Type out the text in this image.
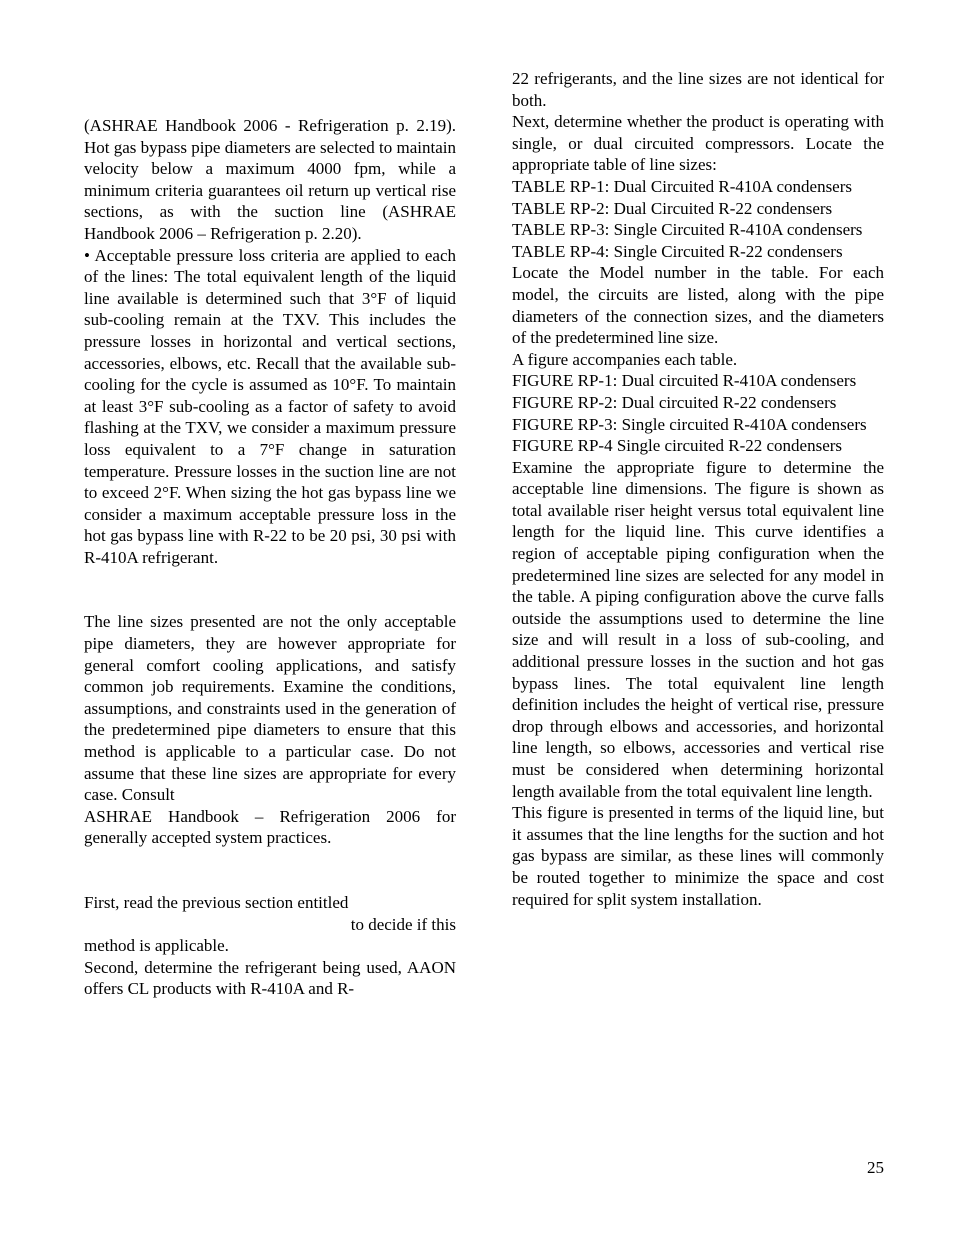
(ASHRAE Handbook 2006 - Refrigeration p. 2.19). Hot gas bypass pipe diameters are selected to maintain velocity below a maximum 4000 fpm, while a minimum criteria guarantees oil return up vertical rise sections, as with the suction line (ASHRAE Handbook 2006 – Refrigeration p. 2.20).

• Acceptable pressure loss criteria are applied to each of the lines: The total equivalent length of the liquid line available is determined such that 3°F of liquid sub-cooling remain at the TXV. This includes the pressure losses in horizontal and vertical sections, accessories, elbows, etc. Recall that the available sub-cooling for the cycle is assumed as 10°F. To maintain at least 3°F sub-cooling as a factor of safety to avoid flashing at the TXV, we consider a maximum pressure loss equivalent to a 7°F change in saturation temperature. Pressure losses in the suction line are not to exceed 2°F. When sizing the hot gas bypass line we consider a maximum acceptable pressure loss in the hot gas bypass line with R-22 to be 20 psi, 30 psi with R-410A refrigerant.

The line sizes presented are not the only acceptable pipe diameters, they are however appropriate for general comfort cooling applications, and satisfy common job requirements. Examine the conditions, assumptions, and constraints used in the generation of the predetermined pipe diameters to ensure that this method is applicable to a particular case. Do not assume that these line sizes are appropriate for every case. Consult

ASHRAE Handbook – Refrigeration 2006 for generally accepted system practices.

First, read the previous section entitled

to decide if this

method is applicable.

Second, determine the refrigerant being used, AAON offers CL products with R-410A and R-

22 refrigerants, and the line sizes are not identical for both.

Next, determine whether the product is operating with single, or dual circuited compressors. Locate the appropriate table of line sizes:

TABLE RP-1: Dual Circuited R-410A condensers

TABLE RP-2: Dual Circuited R-22 condensers

TABLE RP-3: Single Circuited R-410A condensers

TABLE RP-4: Single Circuited R-22 condensers

Locate the Model number in the table. For each model, the circuits are listed, along with the pipe diameters of the connection sizes, and the diameters of the predetermined line size.

A figure accompanies each table.

FIGURE RP-1: Dual circuited R-410A condensers

FIGURE RP-2: Dual circuited R-22 condensers

FIGURE RP-3: Single circuited R-410A condensers

FIGURE RP-4 Single circuited R-22 condensers

Examine the appropriate figure to determine the acceptable line dimensions. The figure is shown as total available riser height versus total equivalent line length for the liquid line. This curve identifies a region of acceptable piping configuration when the predetermined line sizes are selected for any model in the table. A piping configuration above the curve falls outside the assumptions used to determine the line size and will result in a loss of sub-cooling, and additional pressure losses in the suction and hot gas bypass lines. The total equivalent line length definition includes the height of vertical rise, pressure drop through elbows and accessories, and horizontal line length, so elbows, accessories and vertical rise must be considered when determining horizontal length available from the total equivalent line length.

This figure is presented in terms of the liquid line, but it assumes that the line lengths for the suction and hot gas bypass are similar, as these lines will commonly be routed together to minimize the space and cost required for split system installation.

25
